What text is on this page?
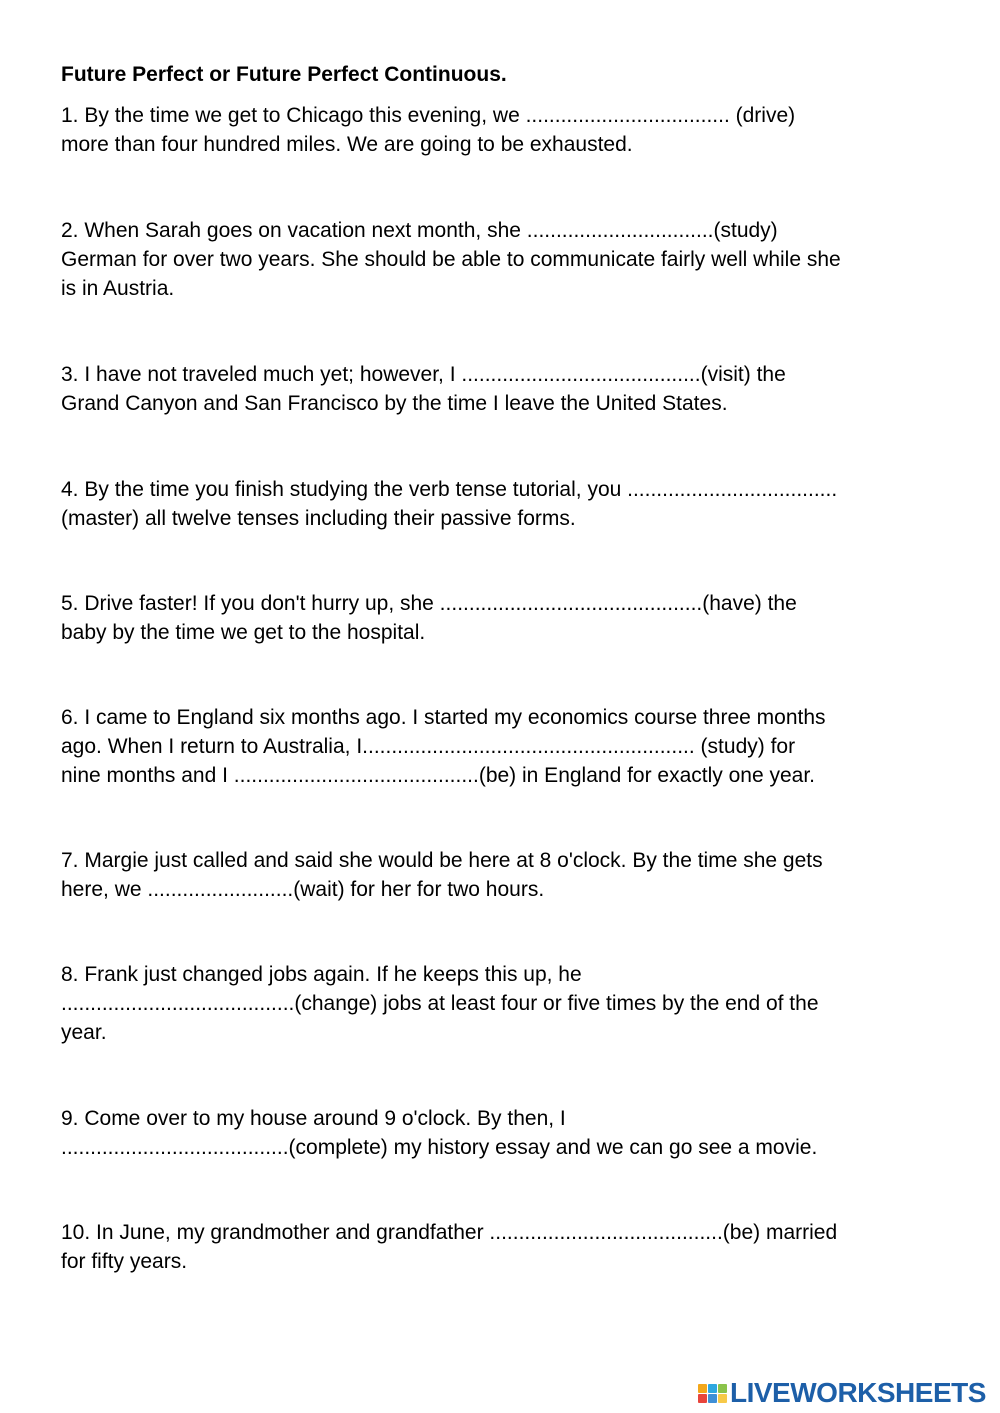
Future Perfect or Future Perfect Continuous.
1. By the time we get to Chicago this evening, we ................................... (drive)
more than four hundred miles. We are going to be exhausted.
2. When Sarah goes on vacation next month, she ................................(study)
German for over two years. She should be able to communicate fairly well while she
is in Austria.
3. I have not traveled much yet; however, I .........................................(visit) the
Grand Canyon and San Francisco by the time I leave the United States.
4. By the time you finish studying the verb tense tutorial, you ....................................
(master) all twelve tenses including their passive forms.
5. Drive faster! If you don't hurry up, she .............................................(have) the
baby by the time we get to the hospital.
6. I came to England six months ago. I started my economics course three months
ago. When I return to Australia, I......................................................... (study) for
nine months and I ..........................................(be) in England for exactly one year.
7. Margie just called and said she would be here at 8 o'clock. By the time she gets
here, we .........................(wait) for her for two hours.
8. Frank just changed jobs again. If he keeps this up, he
........................................(change) jobs at least four or five times by the end of the
year.
9. Come over to my house around 9 o'clock. By then, I
.......................................(complete) my history essay and we can go see a movie.
10. In June, my grandmother and grandfather ........................................(be) married
for fifty years.
LIVEWORKSHEETS
